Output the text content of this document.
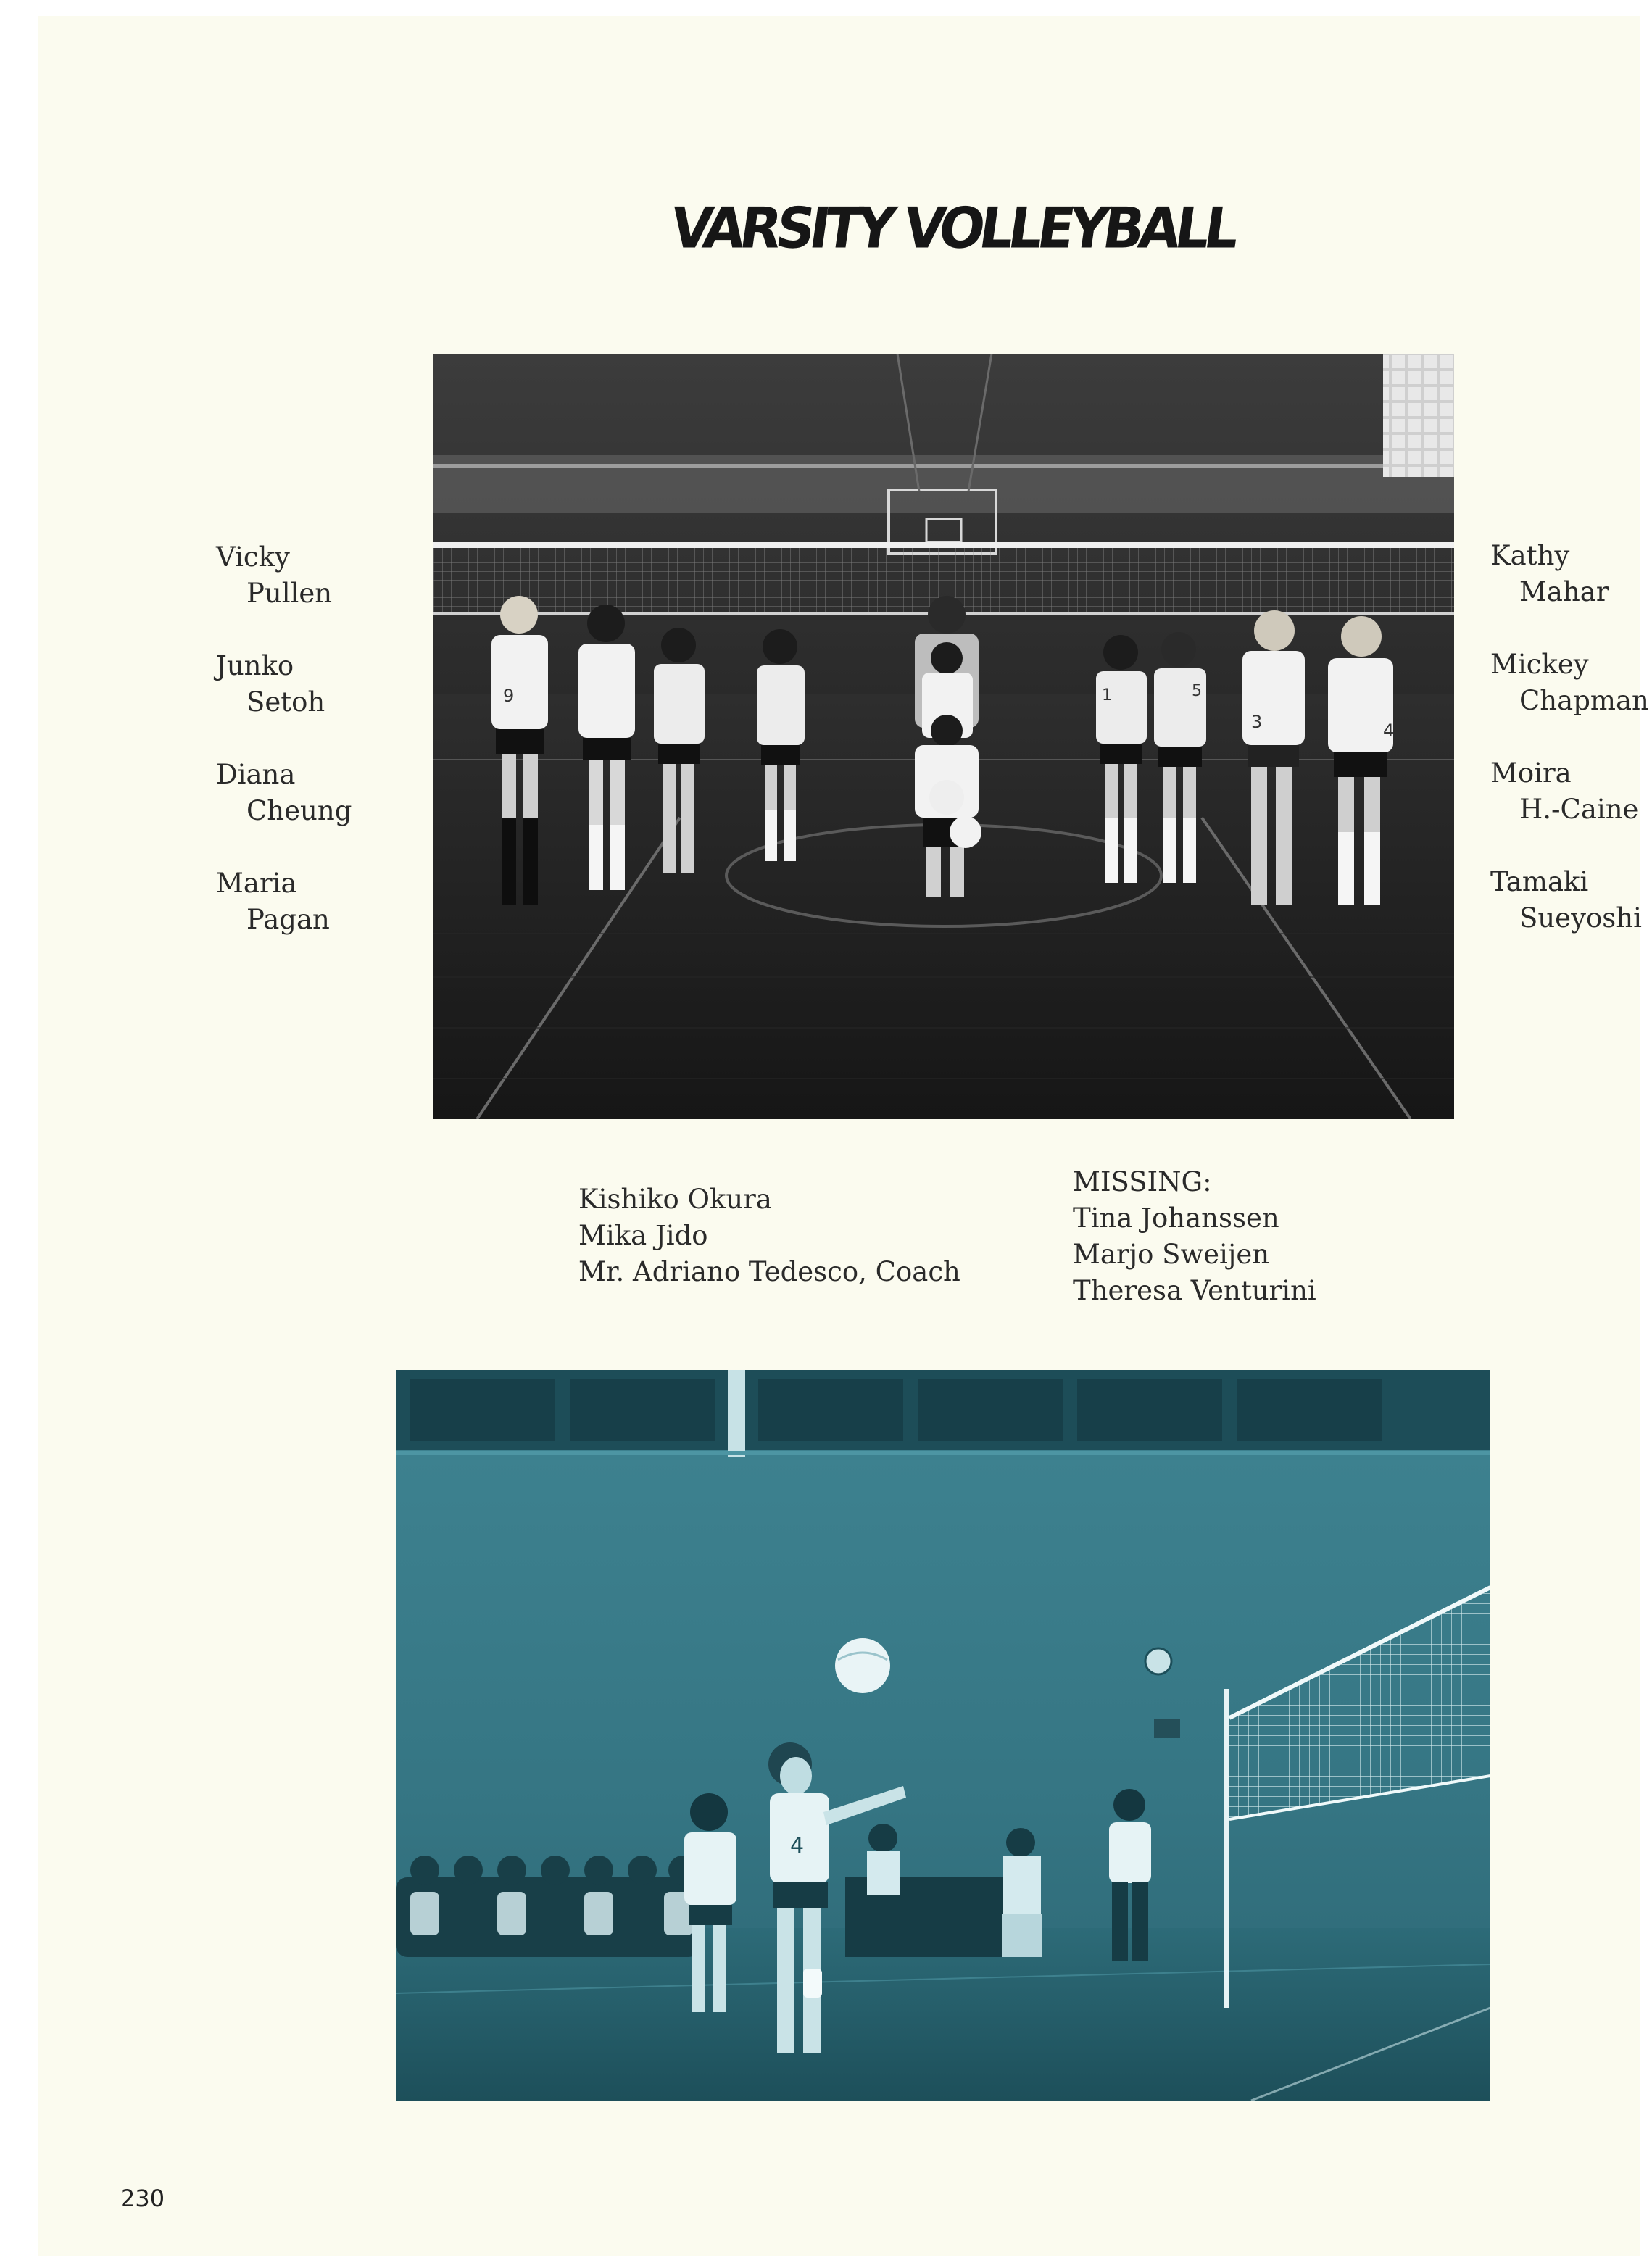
VARSITY VOLLEYBALL
9	1	5
3	4
Vicky
Pullen
Junko
Setoh
Diana
Cheung
Maria
Pagan
Kathy
Mahar
Mickey
Chapman
Moira
H.-Caine
Tamaki
Sueyoshi
Kishiko Okura
Mika Jido
Mr. Adriano Tedesco, Coach
MISSING:
Tina Johanssen
Marjo Sweijen
Theresa Venturini
4
230
